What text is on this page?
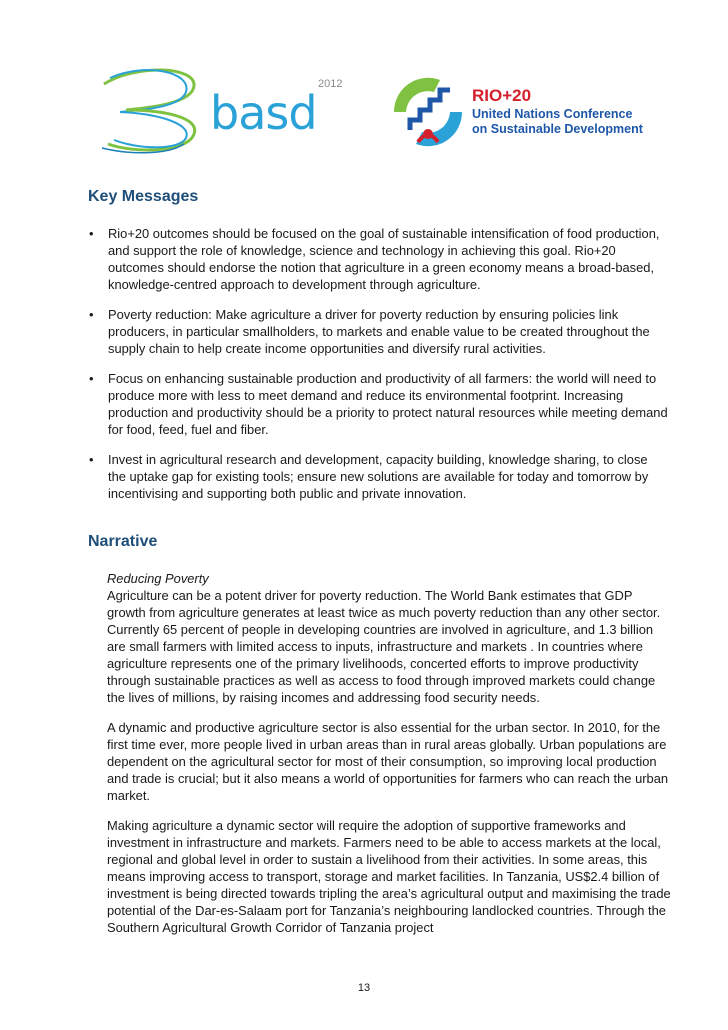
basd
2012
RIO+20
United Nations Conference
on Sustainable Development
Key Messages
• Rio+20 outcomes should be focused on the goal of sustainable intensification of food production, and support the role of knowledge, science and technology in achieving this goal. Rio+20 outcomes should endorse the notion that agriculture in a green economy means a broad-based, knowledge-centred approach to development through agriculture.
• Poverty reduction: Make agriculture a driver for poverty reduction by ensuring policies link producers, in particular smallholders, to markets and enable value to be created throughout the supply chain to help create income opportunities and diversify rural activities.
• Focus on enhancing sustainable production and productivity of all farmers: the world will need to produce more with less to meet demand and reduce its environmental footprint. Increasing production and productivity should be a priority to protect natural resources while meeting demand for food, feed, fuel and fiber.
• Invest in agricultural research and development, capacity building, knowledge sharing, to close the uptake gap for existing tools; ensure new solutions are available for today and tomorrow by incentivising and supporting both public and private innovation.
Narrative

Reducing Poverty
Agriculture can be a potent driver for poverty reduction. The World Bank estimates that GDP growth from agriculture generates at least twice as much poverty reduction than any other sector. Currently 65 percent of people in developing countries are involved in agriculture, and 1.3 billion are small farmers with limited access to inputs, infrastructure and markets . In countries where agriculture represents one of the primary livelihoods, concerted efforts to improve productivity through sustainable practices as well as access to food through improved markets could change the lives of millions, by raising incomes and addressing food security needs.

A dynamic and productive agriculture sector is also essential for the urban sector. In 2010, for the first time ever, more people lived in urban areas than in rural areas globally. Urban populations are dependent on the agricultural sector for most of their consumption, so improving local production and trade is crucial; but it also means a world of opportunities for farmers who can reach the urban market.

Making agriculture a dynamic sector will require the adoption of supportive frameworks and investment in infrastructure and markets. Farmers need to be able to access markets at the local, regional and global level in order to sustain a livelihood from their activities. In some areas, this means improving access to transport, storage and market facilities. In Tanzania, US$2.4 billion of investment is being directed towards tripling the area’s agricultural output and maximising the trade potential of the Dar-es-Salaam port for Tanzania’s neighbouring landlocked countries. Through the Southern Agricultural Growth Corridor of Tanzania project

13
